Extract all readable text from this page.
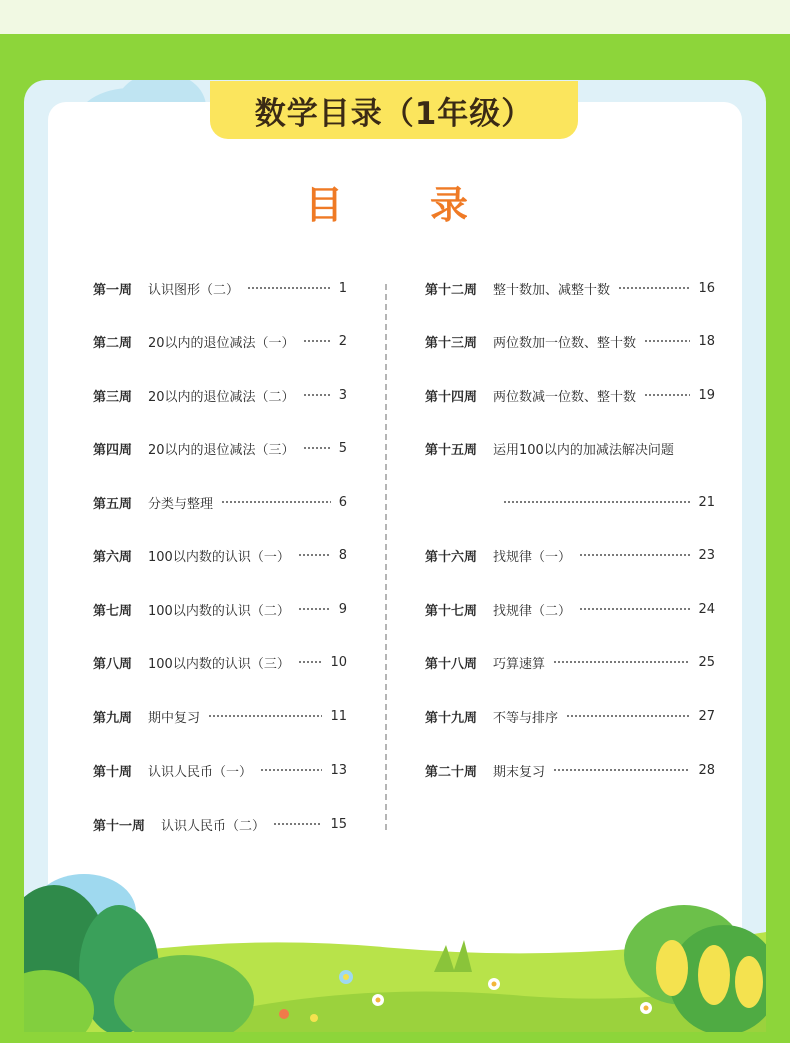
数学目录（1年级）
目 录
第一周 认识图形（二）	1
第二周 20以内的退位减法（一）	2
第三周 20以内的退位减法（二）	3
第四周 20以内的退位减法（三）	5
第五周 分类与整理	6
第六周 100以内数的认识（一）	8
第七周 100以内数的认识（二）	9
第八周 100以内数的认识（三）	10
第九周 期中复习	11
第十周 认识人民币（一）	13
第十一周 认识人民币（二）	15
第十二周 整十数加、减整十数	16
第十三周 两位数加一位数、整十数	18
第十四周 两位数减一位数、整十数	19
第十五周 运用100以内的加减法解决问题
21
第十六周 找规律（一）	23
第十七周 找规律（二）	24
第十八周 巧算速算	25
第十九周 不等与排序	27
第二十周 期末复习	28
